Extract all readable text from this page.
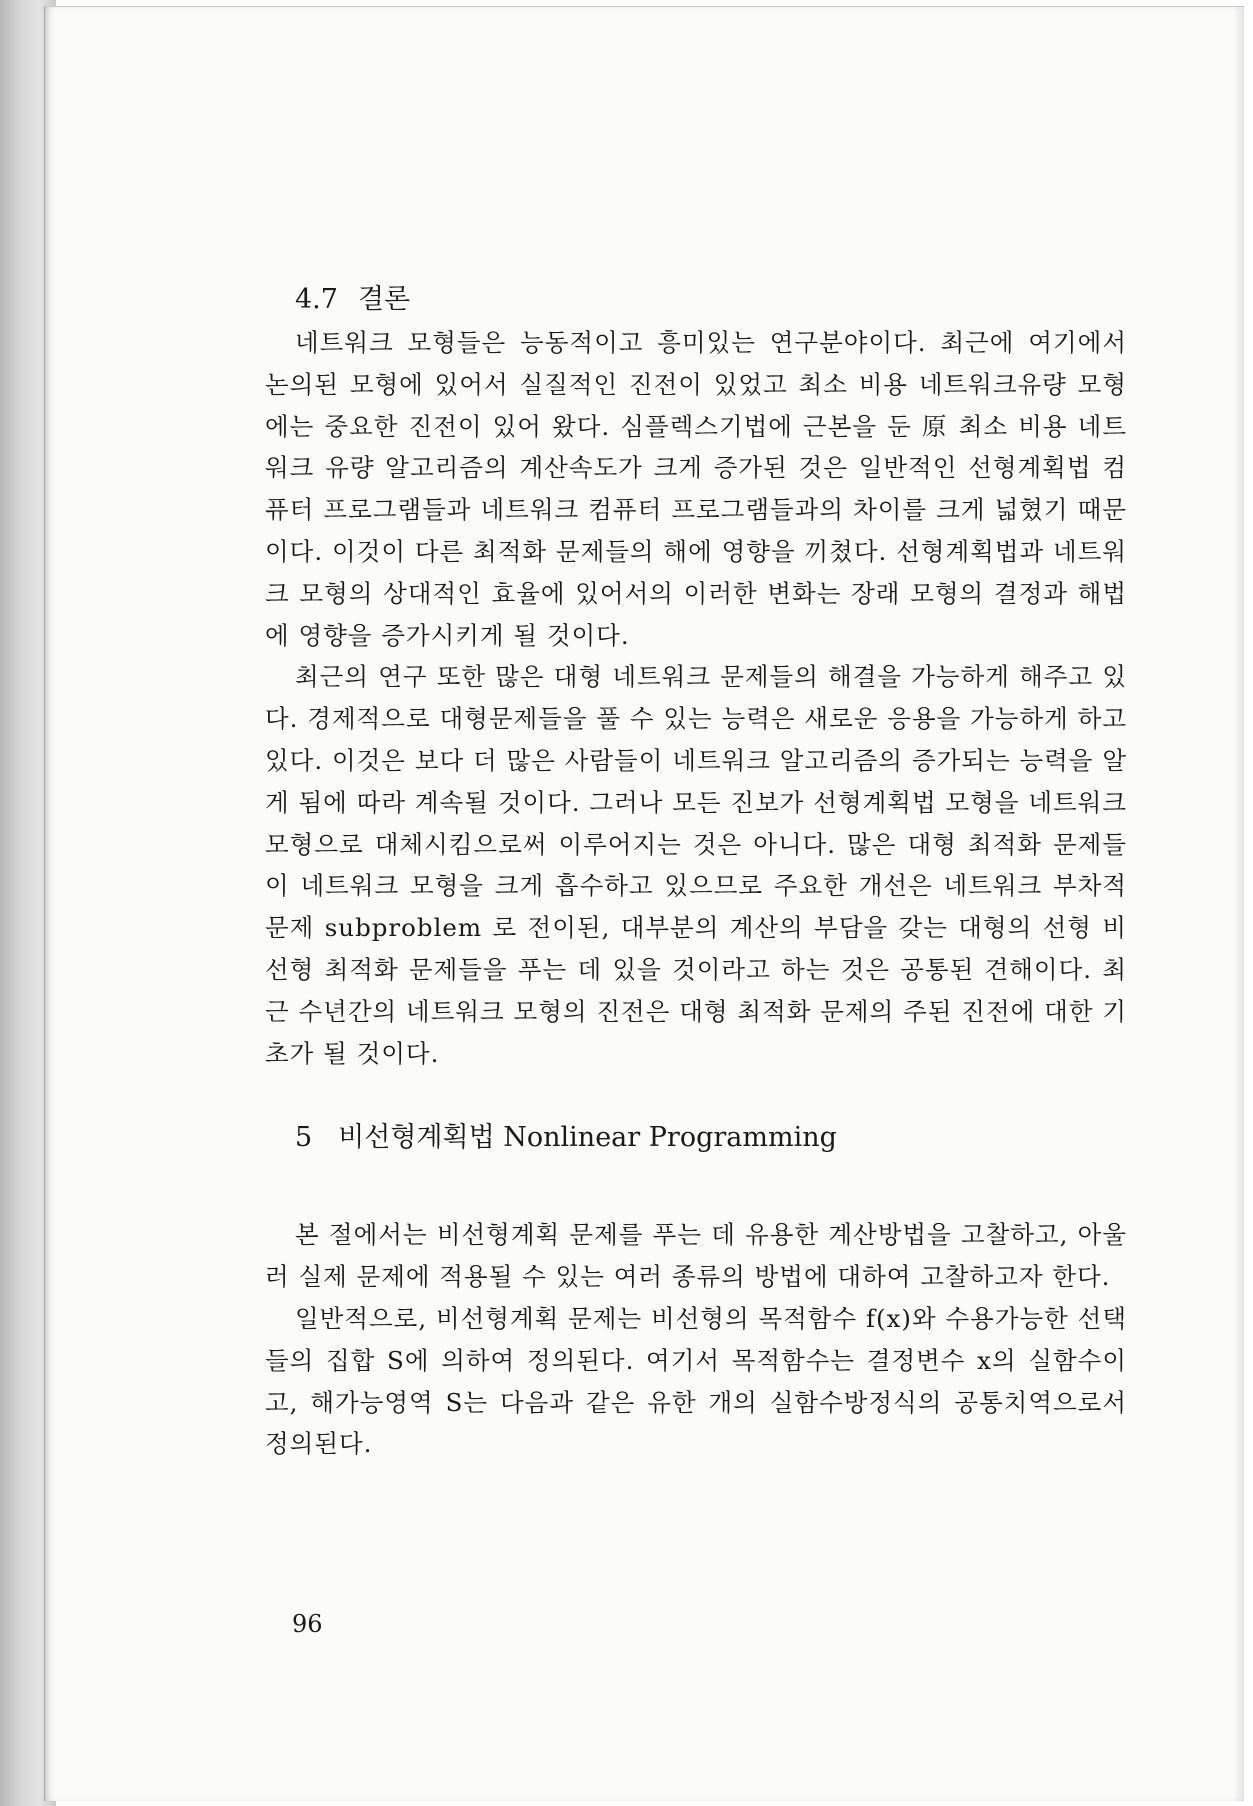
4.7 결론

네트워크 모형들은 능동적이고 흥미있는 연구분야이다. 최근에 여기에서 논의된 모형에 있어서 실질적인 진전이 있었고 최소 비용 네트워크유량 모형에는 중요한 진전이 있어 왔다. 심플렉스기법에 근본을 둔 原 최소 비용 네트워크 유량 알고리즘의 계산속도가 크게 증가된 것은 일반적인 선형계획법 컴퓨터 프로그램들과 네트워크 컴퓨터 프로그램들과의 차이를 크게 넓혔기 때문이다. 이것이 다른 최적화 문제들의 해에 영향을 끼쳤다. 선형계획법과 네트워크 모형의 상대적인 효율에 있어서의 이러한 변화는 장래 모형의 결정과 해법에 영향을 증가시키게 될 것이다.

최근의 연구 또한 많은 대형 네트워크 문제들의 해결을 가능하게 해주고 있다. 경제적으로 대형문제들을 풀 수 있는 능력은 새로운 응용을 가능하게 하고 있다. 이것은 보다 더 많은 사람들이 네트워크 알고리즘의 증가되는 능력을 알게 됨에 따라 계속될 것이다. 그러나 모든 진보가 선형계획법 모형을 네트워크 모형으로 대체시킴으로써 이루어지는 것은 아니다. 많은 대형 최적화 문제들이 네트워크 모형을 크게 흡수하고 있으므로 주요한 개선은 네트워크 부차적 문제 subproblem 로 전이된, 대부분의 계산의 부담을 갖는 대형의 선형 비선형 최적화 문제들을 푸는 데 있을 것이라고 하는 것은 공통된 견해이다. 최근 수년간의 네트워크 모형의 진전은 대형 최적화 문제의 주된 진전에 대한 기초가 될 것이다.

5 비선형계획법 Nonlinear Programming

본 절에서는 비선형계획 문제를 푸는 데 유용한 계산방법을 고찰하고, 아울러 실제 문제에 적용될 수 있는 여러 종류의 방법에 대하여 고찰하고자 한다.

일반적으로, 비선형계획 문제는 비선형의 목적함수 f(x)와 수용가능한 선택들의 집합 S에 의하여 정의된다. 여기서 목적함수는 결정변수 x의 실함수이고, 해가능영역 S는 다음과 같은 유한 개의 실함수방정식의 공통치역으로서 정의된다.

96
